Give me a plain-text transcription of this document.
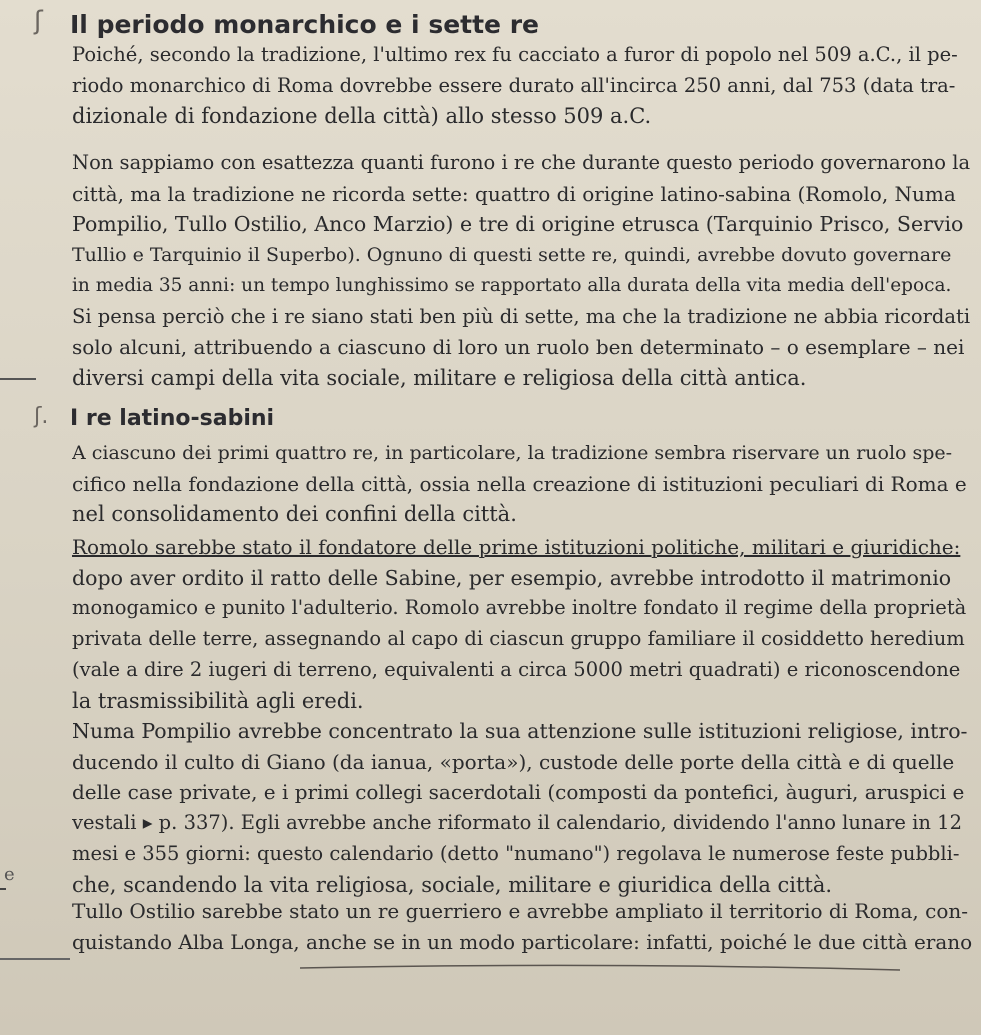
ʃ
ʃ.
e
Il periodo monarchico e i sette re
Poiché, secondo la tradizione, l'ultimo rex fu cacciato a furor di popolo nel 509 a.C., il pe-
riodo monarchico di Roma dovrebbe essere durato all'incirca 250 anni, dal 753 (data tra-
dizionale di fondazione della città) allo stesso 509 a.C.
Non sappiamo con esattezza quanti furono i re che durante questo periodo governarono la
città, ma la tradizione ne ricorda sette: quattro di origine latino-sabina (Romolo, Numa
Pompilio, Tullo Ostilio, Anco Marzio) e tre di origine etrusca (Tarquinio Prisco, Servio
Tullio e Tarquinio il Superbo). Ognuno di questi sette re, quindi, avrebbe dovuto governare
in media 35 anni: un tempo lunghissimo se rapportato alla durata della vita media dell'epoca.
Si pensa perciò che i re siano stati ben più di sette, ma che la tradizione ne abbia ricordati
solo alcuni, attribuendo a ciascuno di loro un ruolo ben determinato – o esemplare – nei
diversi campi della vita sociale, militare e religiosa della città antica.
I re latino-sabini
A ciascuno dei primi quattro re, in particolare, la tradizione sembra riservare un ruolo spe-
cifico nella fondazione della città, ossia nella creazione di istituzioni peculiari di Roma e
nel consolidamento dei confini della città.
Romolo sarebbe stato il fondatore delle prime istituzioni politiche, militari e giuridiche:
dopo aver ordito il ratto delle Sabine, per esempio, avrebbe introdotto il matrimonio
monogamico e punito l'adulterio. Romolo avrebbe inoltre fondato il regime della proprietà
privata delle terre, assegnando al capo di ciascun gruppo familiare il cosiddetto heredium
(vale a dire 2 iugeri di terreno, equivalenti a circa 5000 metri quadrati) e riconoscendone
la trasmissibilità agli eredi.
Numa Pompilio avrebbe concentrato la sua attenzione sulle istituzioni religiose, intro-
ducendo il culto di Giano (da ianua, «porta»), custode delle porte della città e di quelle
delle case private, e i primi collegi sacerdotali (composti da pontefici, àuguri, aruspici e
vestali ▸ p. 337). Egli avrebbe anche riformato il calendario, dividendo l'anno lunare in 12
mesi e 355 giorni: questo calendario (detto "numano") regolava le numerose feste pubbli-
che, scandendo la vita religiosa, sociale, militare e giuridica della città.
Tullo Ostilio sarebbe stato un re guerriero e avrebbe ampliato il territorio di Roma, con-
quistando Alba Longa, anche se in un modo particolare: infatti, poiché le due città erano
